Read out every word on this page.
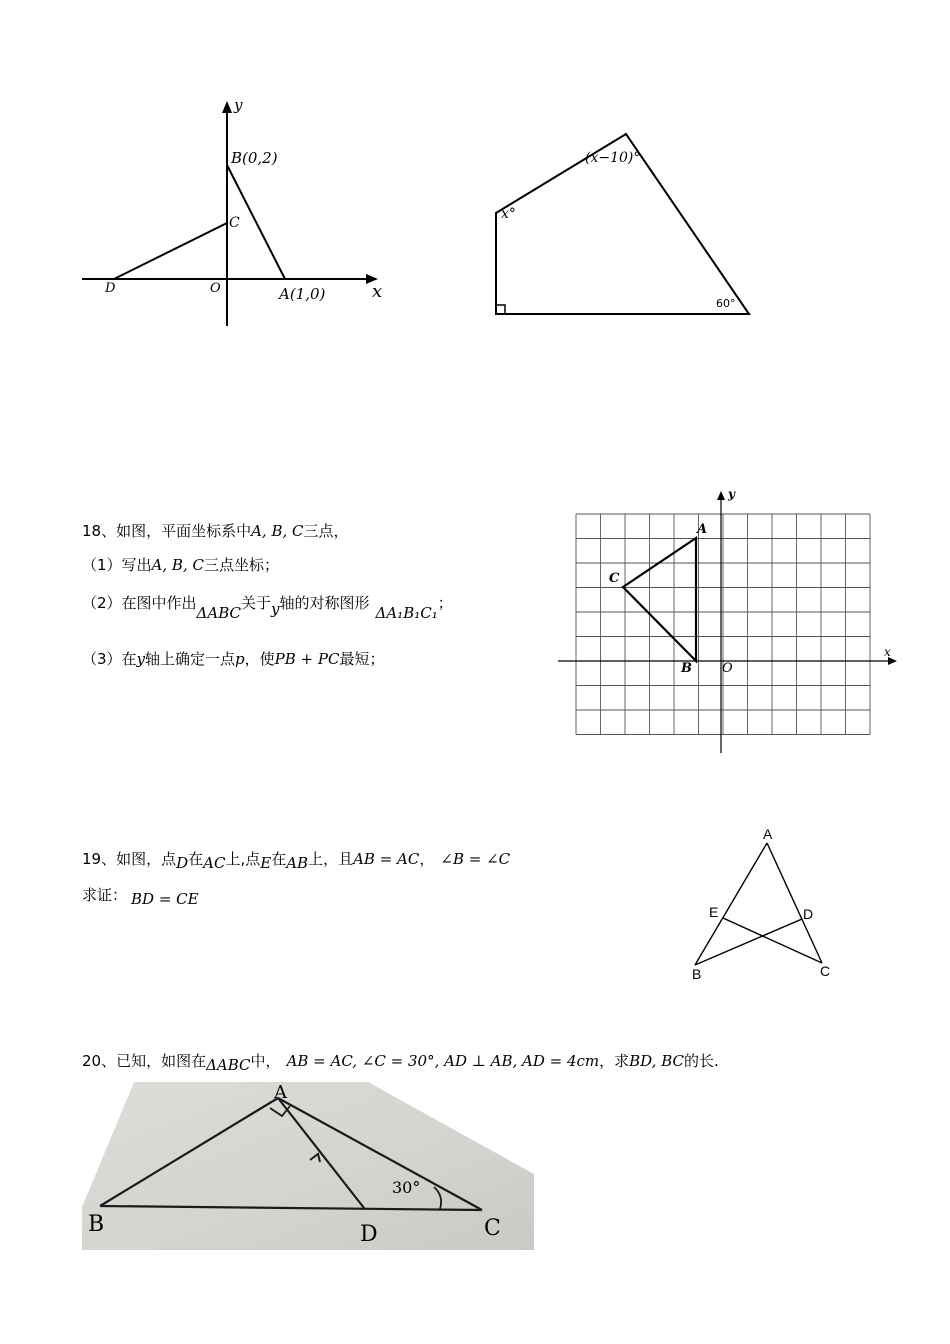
y
x
B(0,2)
C
D	O	A(1,0)
(x−10)°
x°
60°
18、如图，平面坐标系中A, B, C三点，
（1）写出A, B, C三点坐标；
（2）在图中作出ΔABC关于y轴的对称图形ΔA₁B₁C₁；
（3）在y轴上确定一点p，使PB + PC最短；
y
x
A
C
B O
19、如图，点D在AC上,点E在AB上，且AB = AC， ∠B = ∠C
求证： BD = CE
A
E	D
B	C
20、已知，如图在ΔABC中， AB = AC, ∠C = 30°, AD ⊥ AB, AD = 4cm，求BD, BC的长.
A
B	D	C
30°
